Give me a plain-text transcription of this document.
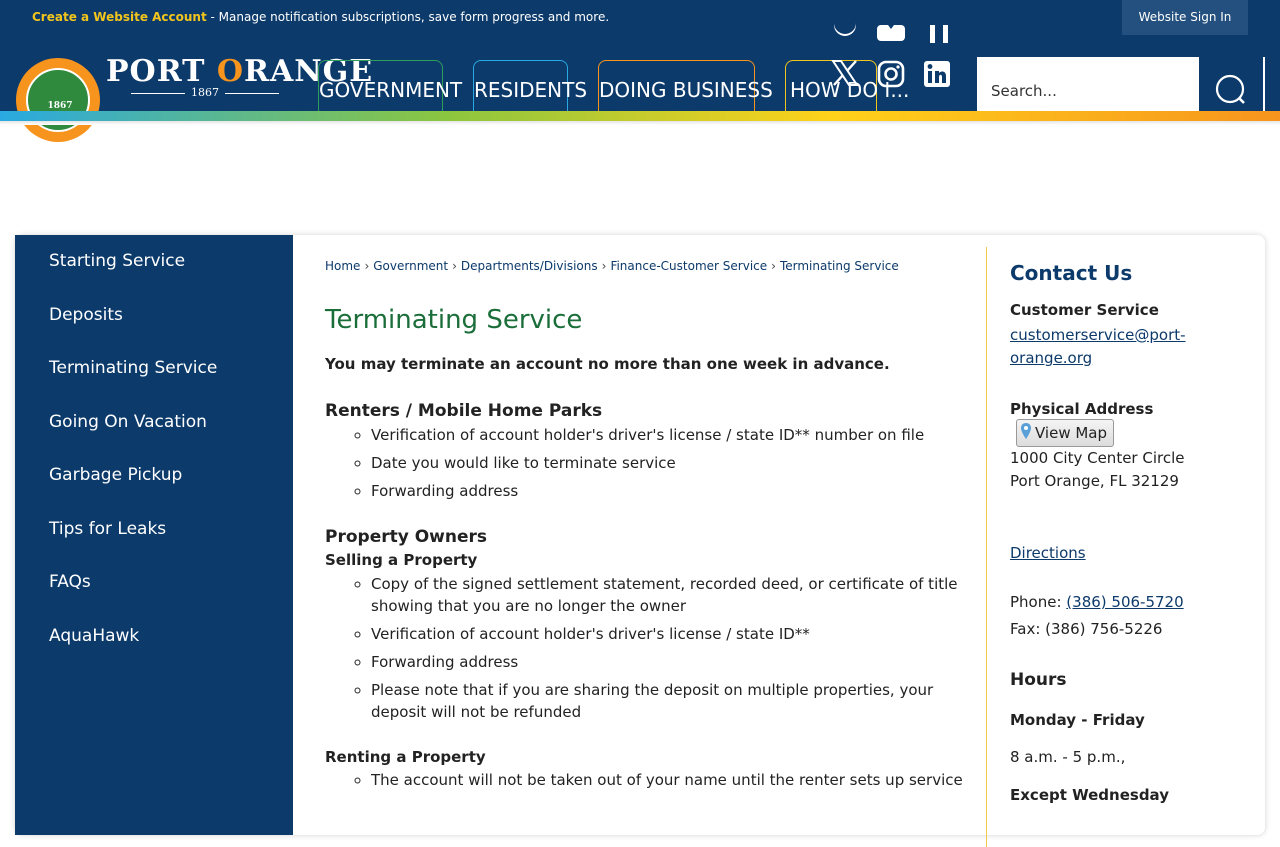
Create a Website Account - Manage notification subscriptions, save form progress and more.	Website Sign In
1867
PORT ORANGE
1867	GOVERNMENT RESIDENTS DOING BUSINESS HOW DO I...
Search...
Starting Service
Deposits
Terminating Service
Going On Vacation
Garbage Pickup
Tips for Leaks
FAQs
AquaHawk
Home › Government › Departments/Divisions › Finance-Customer Service › Terminating Service
Terminating Service
You may terminate an account no more than one week in advance.
Renters / Mobile Home Parks
◦ Verification of account holder's driver's license / state ID** number on file
◦ Date you would like to terminate service
◦ Forwarding address
Property Owners
Selling a Property
◦ Copy of the signed settlement statement, recorded deed, or certificate of title showing that you are no longer the owner
◦ Verification of account holder's driver's license / state ID**
◦ Forwarding address
◦ Please note that if you are sharing the deposit on multiple properties, your deposit will not be refunded
Renting a Property
◦ The account will not be taken out of your name until the renter sets up service
Contact Us
Customer Service
customerservice@port-
orange.org
Physical Address
View Map
1000 City Center Circle
Port Orange, FL 32129
Directions
Phone: (386) 506-5720
Fax: (386) 756-5226
Hours
Monday - Friday
8 a.m. - 5 p.m.,
Except Wednesday
